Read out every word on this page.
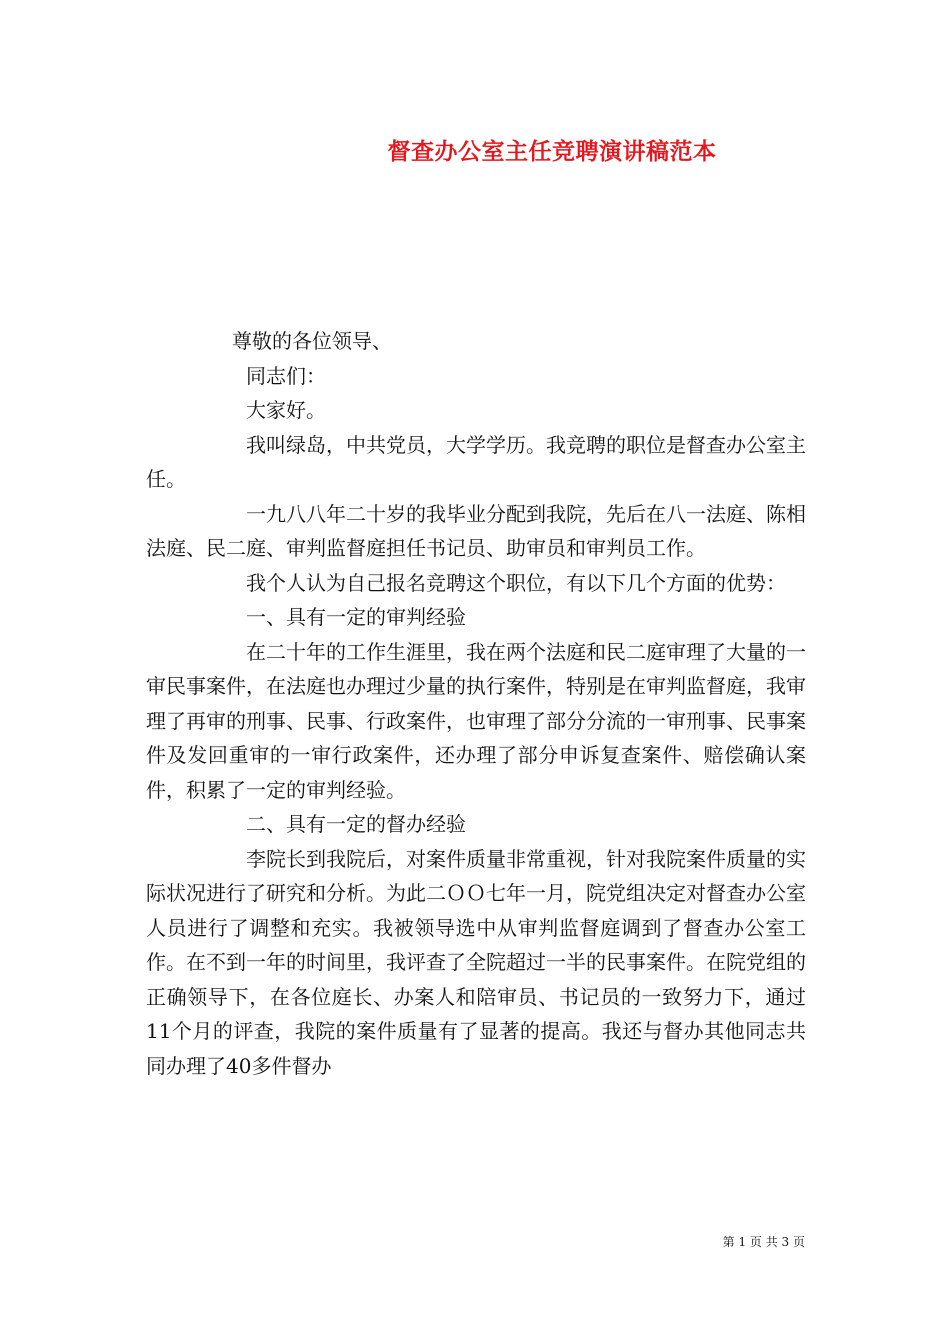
督查办公室主任竞聘演讲稿范本

尊敬的各位领导、

同志们：

大家好。

我叫绿岛，中共党员，大学学历。我竞聘的职位是督查办公室主任。

一九八八年二十岁的我毕业分配到我院，先后在八一法庭、陈相法庭、民二庭、审判监督庭担任书记员、助审员和审判员工作。

我个人认为自己报名竞聘这个职位，有以下几个方面的优势：

一、具有一定的审判经验

在二十年的工作生涯里，我在两个法庭和民二庭审理了大量的一审民事案件，在法庭也办理过少量的执行案件，特别是在审判监督庭，我审理了再审的刑事、民事、行政案件，也审理了部分分流的一审刑事、民事案件及发回重审的一审行政案件，还办理了部分申诉复查案件、赔偿确认案件，积累了一定的审判经验。

二、具有一定的督办经验

李院长到我院后，对案件质量非常重视，针对我院案件质量的实际状况进行了研究和分析。为此二ＯＯ七年一月，院党组决定对督查办公室人员进行了调整和充实。我被领导选中从审判监督庭调到了督查办公室工作。在不到一年的时间里，我评查了全院超过一半的民事案件。在院党组的正确领导下，在各位庭长、办案人和陪审员、书记员的一致努力下，通过11个月的评查，我院的案件质量有了显著的提高。我还与督办其他同志共同办理了40多件督办

第 1 页 共 3 页
